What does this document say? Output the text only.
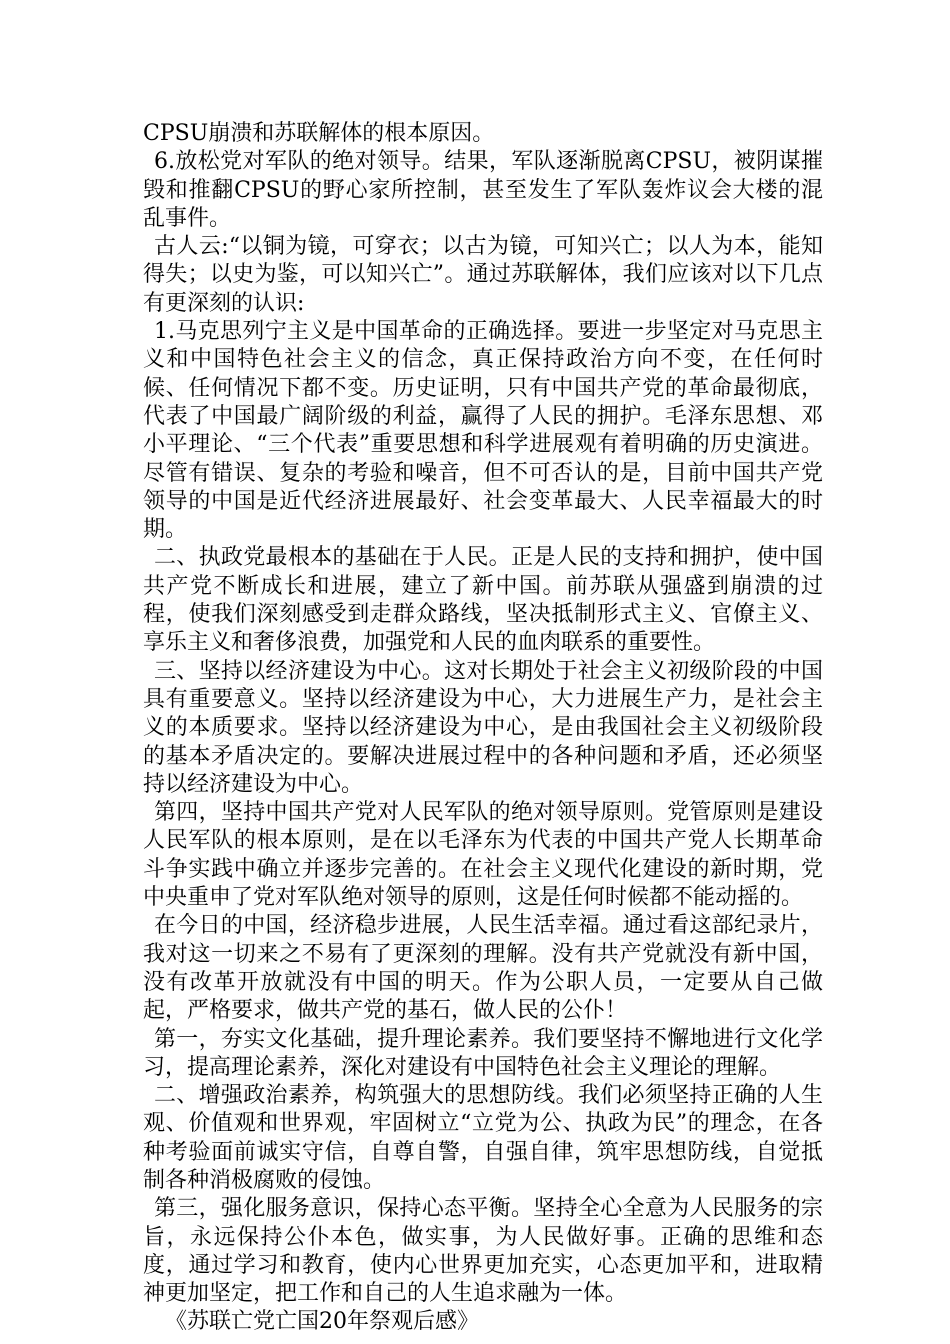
CPSU崩溃和苏联解体的根本原因。

6.放松党对军队的绝对领导。结果，军队逐渐脱离CPSU，被阴谋摧毁和推翻CPSU的野心家所控制，甚至发生了军队轰炸议会大楼的混乱事件。

古人云:“以铜为镜，可穿衣；以古为镜，可知兴亡；以人为本，能知得失；以史为鉴，可以知兴亡”。通过苏联解体，我们应该对以下几点有更深刻的认识:

1.马克思列宁主义是中国革命的正确选择。要进一步坚定对马克思主义和中国特色社会主义的信念，真正保持政治方向不变，在任何时候、任何情况下都不变。历史证明，只有中国共产党的革命最彻底，代表了中国最广阔阶级的利益，赢得了人民的拥护。毛泽东思想、邓小平理论、“三个代表”重要思想和科学进展观有着明确的历史演进。尽管有错误、复杂的考验和噪音，但不可否认的是，目前中国共产党领导的中国是近代经济进展最好、社会变革最大、人民幸福最大的时期。

二、执政党最根本的基础在于人民。正是人民的支持和拥护，使中国共产党不断成长和进展，建立了新中国。前苏联从强盛到崩溃的过程，使我们深刻感受到走群众路线，坚决抵制形式主义、官僚主义、享乐主义和奢侈浪费，加强党和人民的血肉联系的重要性。

三、坚持以经济建设为中心。这对长期处于社会主义初级阶段的中国具有重要意义。坚持以经济建设为中心，大力进展生产力，是社会主义的本质要求。坚持以经济建设为中心，是由我国社会主义初级阶段的基本矛盾决定的。要解决进展过程中的各种问题和矛盾，还必须坚持以经济建设为中心。

第四，坚持中国共产党对人民军队的绝对领导原则。党管原则是建设人民军队的根本原则，是在以毛泽东为代表的中国共产党人长期革命斗争实践中确立并逐步完善的。在社会主义现代化建设的新时期，党中央重申了党对军队绝对领导的原则，这是任何时候都不能动摇的。

在今日的中国，经济稳步进展，人民生活幸福。通过看这部纪录片，我对这一切来之不易有了更深刻的理解。没有共产党就没有新中国，没有改革开放就没有中国的明天。作为公职人员，一定要从自己做起，严格要求，做共产党的基石，做人民的公仆！

第一，夯实文化基础，提升理论素养。我们要坚持不懈地进行文化学习，提高理论素养，深化对建设有中国特色社会主义理论的理解。

二、增强政治素养，构筑强大的思想防线。我们必须坚持正确的人生观、价值观和世界观，牢固树立“立党为公、执政为民”的理念，在各种考验面前诚实守信，自尊自警，自强自律，筑牢思想防线，自觉抵制各种消极腐败的侵蚀。

第三，强化服务意识，保持心态平衡。坚持全心全意为人民服务的宗旨，永远保持公仆本色，做实事，为人民做好事。正确的思维和态度，通过学习和教育，使内心世界更加充实，心态更加平和，进取精神更加坚定，把工作和自己的人生追求融为一体。

《苏联亡党亡国20年祭观后感》
